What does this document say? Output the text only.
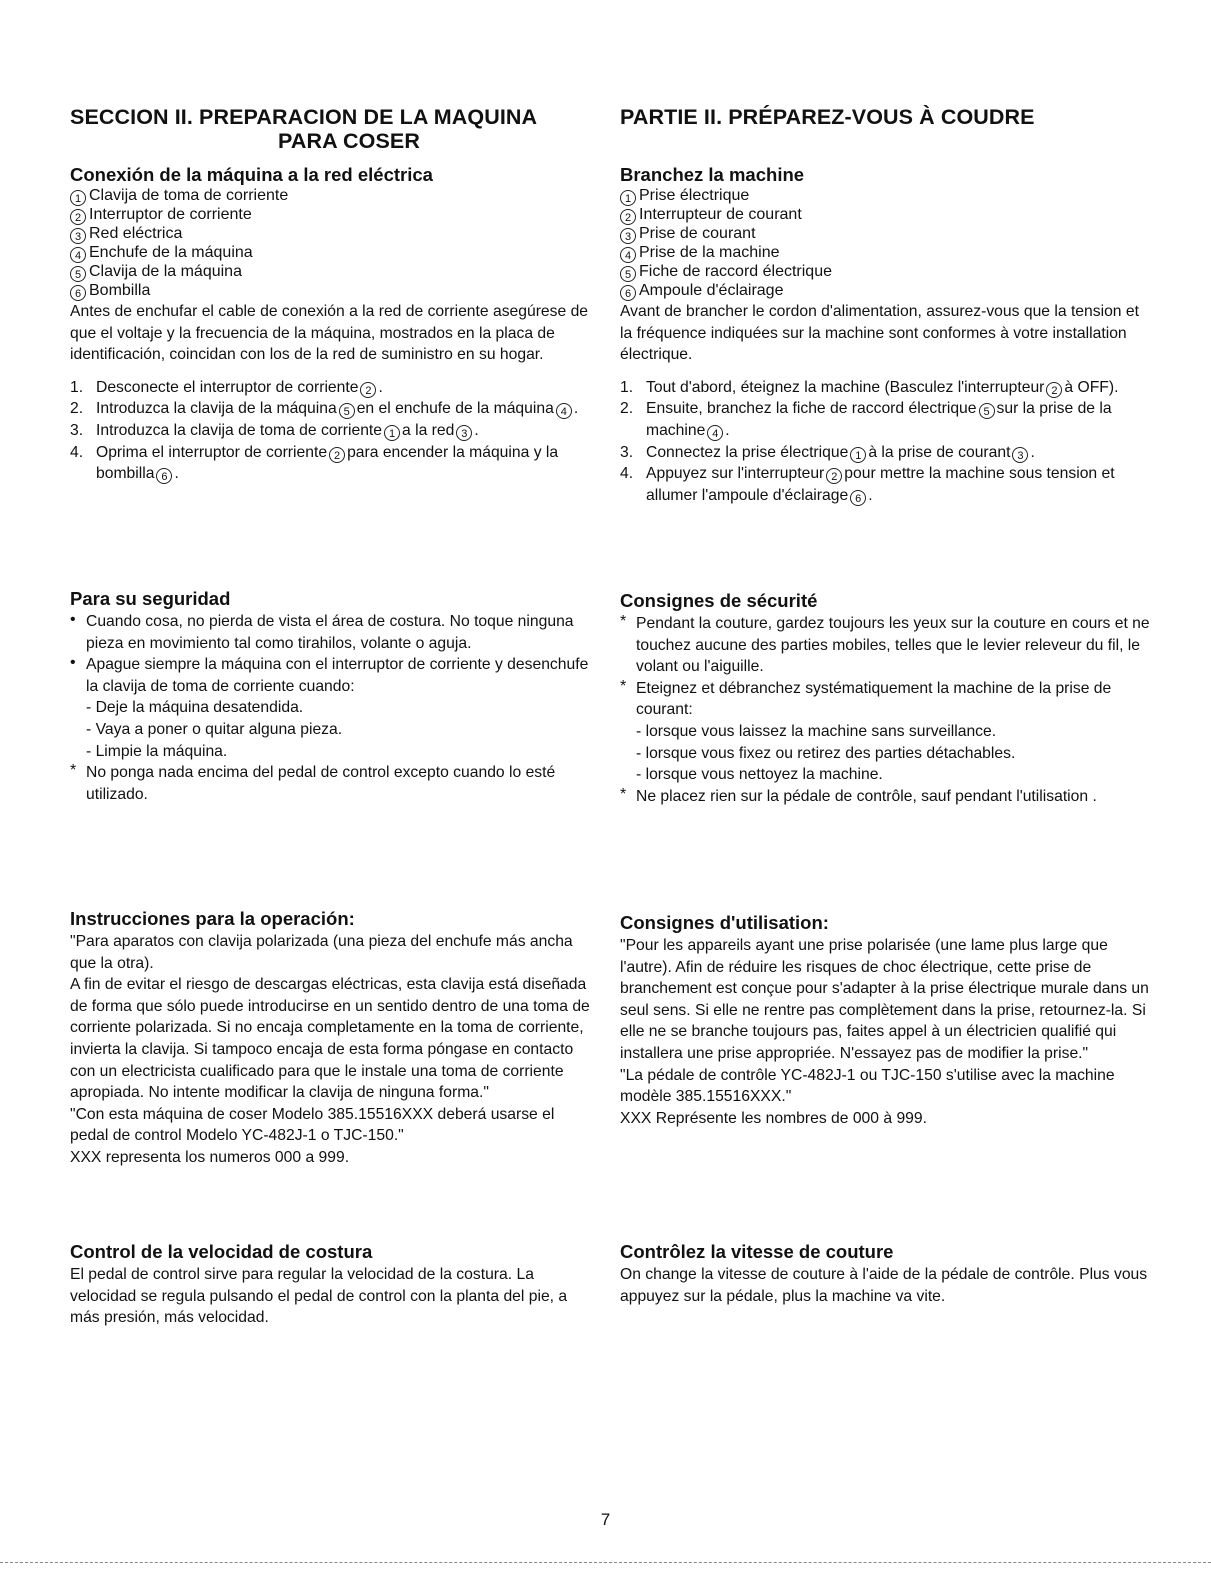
SECCION II. PREPARACION DE LA MAQUINA
PARA COSER
Conexión de la máquina a la red eléctrica
1 Clavija de toma de corriente
2 Interruptor de corriente
3 Red eléctrica
4 Enchufe de la máquina
5 Clavija de la máquina
6 Bombilla

Antes de enchufar el cable de conexión a la red de corriente asegúrese de que el voltaje y la frecuencia de la máquina, mostrados en la placa de identificación, coincidan con los de la red de suministro en su hogar.

1. Desconecte el interruptor de corriente 2 .
2. Introduzca la clavija de la máquina 5 en el enchufe de la máquina 4 .
3. Introduzca la clavija de toma de corriente 1 a la red 3 .
4. Oprima el interruptor de corriente 2 para encender la máquina y la bombilla 6 .
Para su seguridad
• Cuando cosa, no pierda de vista el área de costura. No toque ninguna pieza en movimiento tal como tirahilos, volante o aguja.

• Apague siempre la máquina con el interruptor de corriente y desenchufe la clavija de toma de corriente cuando:

- Deje la máquina desatendida.

- Vaya a poner o quitar alguna pieza.

- Limpie la máquina.

* No ponga nada encima del pedal de control excepto cuando lo esté utilizado.

Instrucciones para la operación:

"Para aparatos con clavija polarizada (una pieza del enchufe más ancha que la otra).

A fin de evitar el riesgo de descargas eléctricas, esta clavija está diseñada de forma que sólo puede introducirse en un sentido dentro de una toma de corriente polarizada. Si no encaja completamente en la toma de corriente, invierta la clavija. Si tampoco encaja de esta forma póngase en contacto con un electricista cualificado para que le instale una toma de corriente apropiada. No intente modificar la clavija de ninguna forma."

"Con esta máquina de coser Modelo 385.15516XXX deberá usarse el pedal de control Modelo YC-482J-1 o TJC-150."

XXX representa los numeros 000 a 999.

Control de la velocidad de costura

El pedal de control sirve para regular la velocidad de la costura. La velocidad se regula pulsando el pedal de control con la planta del pie, a más presión, más velocidad.

PARTIE II. PRÉPAREZ-VOUS À COUDRE
Branchez la machine
1 Prise électrique
2 Interrupteur de courant
3 Prise de courant
4 Prise de la machine
5 Fiche de raccord électrique
6 Ampoule d'éclairage

Avant de brancher le cordon d'alimentation, assurez-vous que la tension et la fréquence indiquées sur la machine sont conformes à votre installation électrique.

1. Tout d'abord, éteignez la machine (Basculez l'interrupteur 2 à OFF).
2. Ensuite, branchez la fiche de raccord électrique 5 sur la prise de la machine 4 .
3. Connectez la prise électrique 1 à la prise de courant 3 .
4. Appuyez sur l'interrupteur 2 pour mettre la machine sous tension et allumer l'ampoule d'éclairage 6 .
Consignes de sécurité
* Pendant la couture, gardez toujours les yeux sur la couture en cours et ne touchez aucune des parties mobiles, telles que le levier releveur du fil, le volant ou l'aiguille.

* Eteignez et débranchez systématiquement la machine de la prise de courant:

- lorsque vous laissez la machine sans surveillance.

- lorsque vous fixez ou retirez des parties détachables.

- lorsque vous nettoyez la machine.

* Ne placez rien sur la pédale de contrôle, sauf pendant l'utilisation .

Consignes d'utilisation:

"Pour les appareils ayant une prise polarisée (une lame plus large que l'autre). Afin de réduire les risques de choc électrique, cette prise de branchement est conçue pour s'adapter à la prise électrique murale dans un seul sens. Si elle ne rentre pas complètement dans la prise, retournez-la. Si elle ne se branche toujours pas, faites appel à un électricien qualifié qui installera une prise appropriée. N'essayez pas de modifier la prise."

"La pédale de contrôle YC-482J-1 ou TJC-150 s'utilise avec la machine modèle 385.15516XXX."

XXX Représente les nombres de 000 à 999.

Contrôlez la vitesse de couture

On change la vitesse de couture à l'aide de la pédale de contrôle. Plus vous appuyez sur la pédale, plus la machine va vite.

7
